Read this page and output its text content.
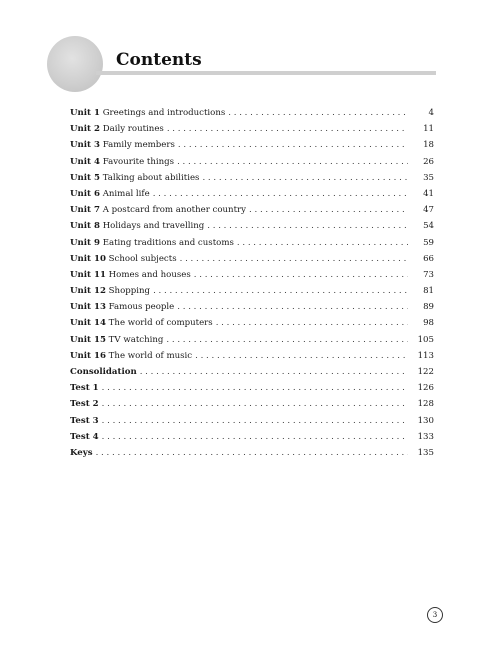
Contents
Unit 1 Greetings and introductions . . .	4
Unit 2 Daily routines . . .	11
Unit 3 Family members . . .	18
Unit 4 Favourite things . . .	26
Unit 5 Talking about abilities . . .	35
Unit 6 Animal life . . .	41
Unit 7 A postcard from another country . . .	47
Unit 8 Holidays and travelling . . .	54
Unit 9 Eating traditions and customs . . .	59
Unit 10 School subjects . . .	66
Unit 11 Homes and houses . . .	73
Unit 12 Shopping . . .	81
Unit 13 Famous people . . .	89
Unit 14 The world of computers . . .	98
Unit 15 TV watching . . .	105
Unit 16 The world of music . . .	113
Consolidation . . .	122
Test 1 . . .	126
Test 2 . . .	128
Test 3 . . .	130
Test 4 . . .	133
Keys . . .	135
3
